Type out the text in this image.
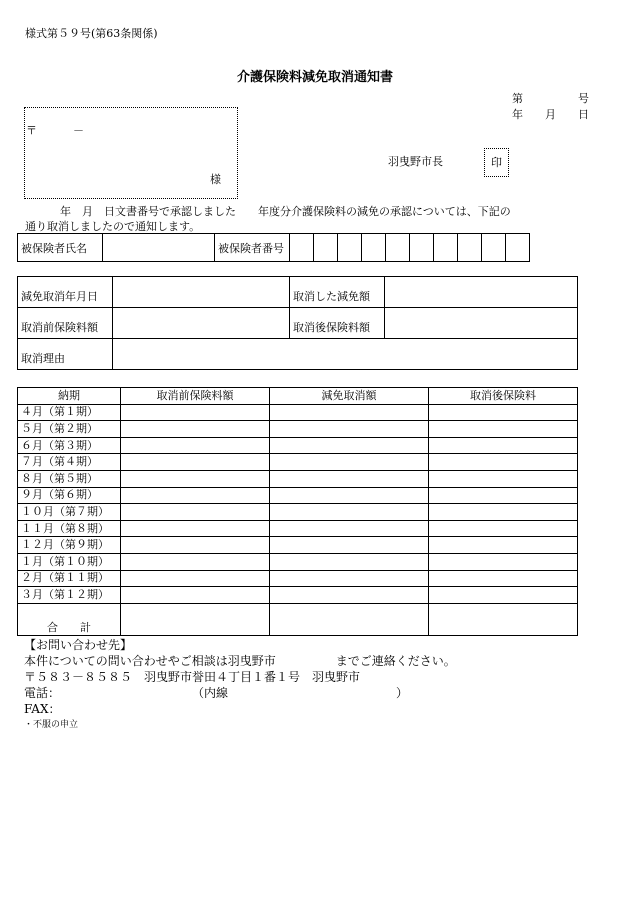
様式第５９号(第63条関係)
介護保険料減免取消通知書
第　　　　　号
年　　月　　日
〒	－
様
羽曳野市長	印
年　月　日文書番号で承認しました　　年度分介護保険料の減免の承認については、下記の
通り取消しましたので通知します。
被保険者氏名		被保険者番号										
減免取消年月日		取消した減免額	
取消前保険料額		取消後保険料額	
取消理由			
納期	取消前保険料額	減免取消額	取消後保険料
４月（第１期）			
５月（第２期）			
６月（第３期）			
７月（第４期）			
８月（第５期）			
９月（第６期）			
１０月（第７期）			
１１月（第８期）			
１２月（第９期）			
１月（第１０期）			
２月（第１１期）			
３月（第１２期）			
合　　計			
【お問い合わせ先】
本件についての問い合わせやご相談は羽曳野市　　　　　までご連絡ください。
〒５８３－８５８５　羽曳野市誉田４丁目１番１号　羽曳野市
電話：　　　　　　　　　　　　（内線　　　　　　　　　　　　　　）
FAX：
・不服の申立
